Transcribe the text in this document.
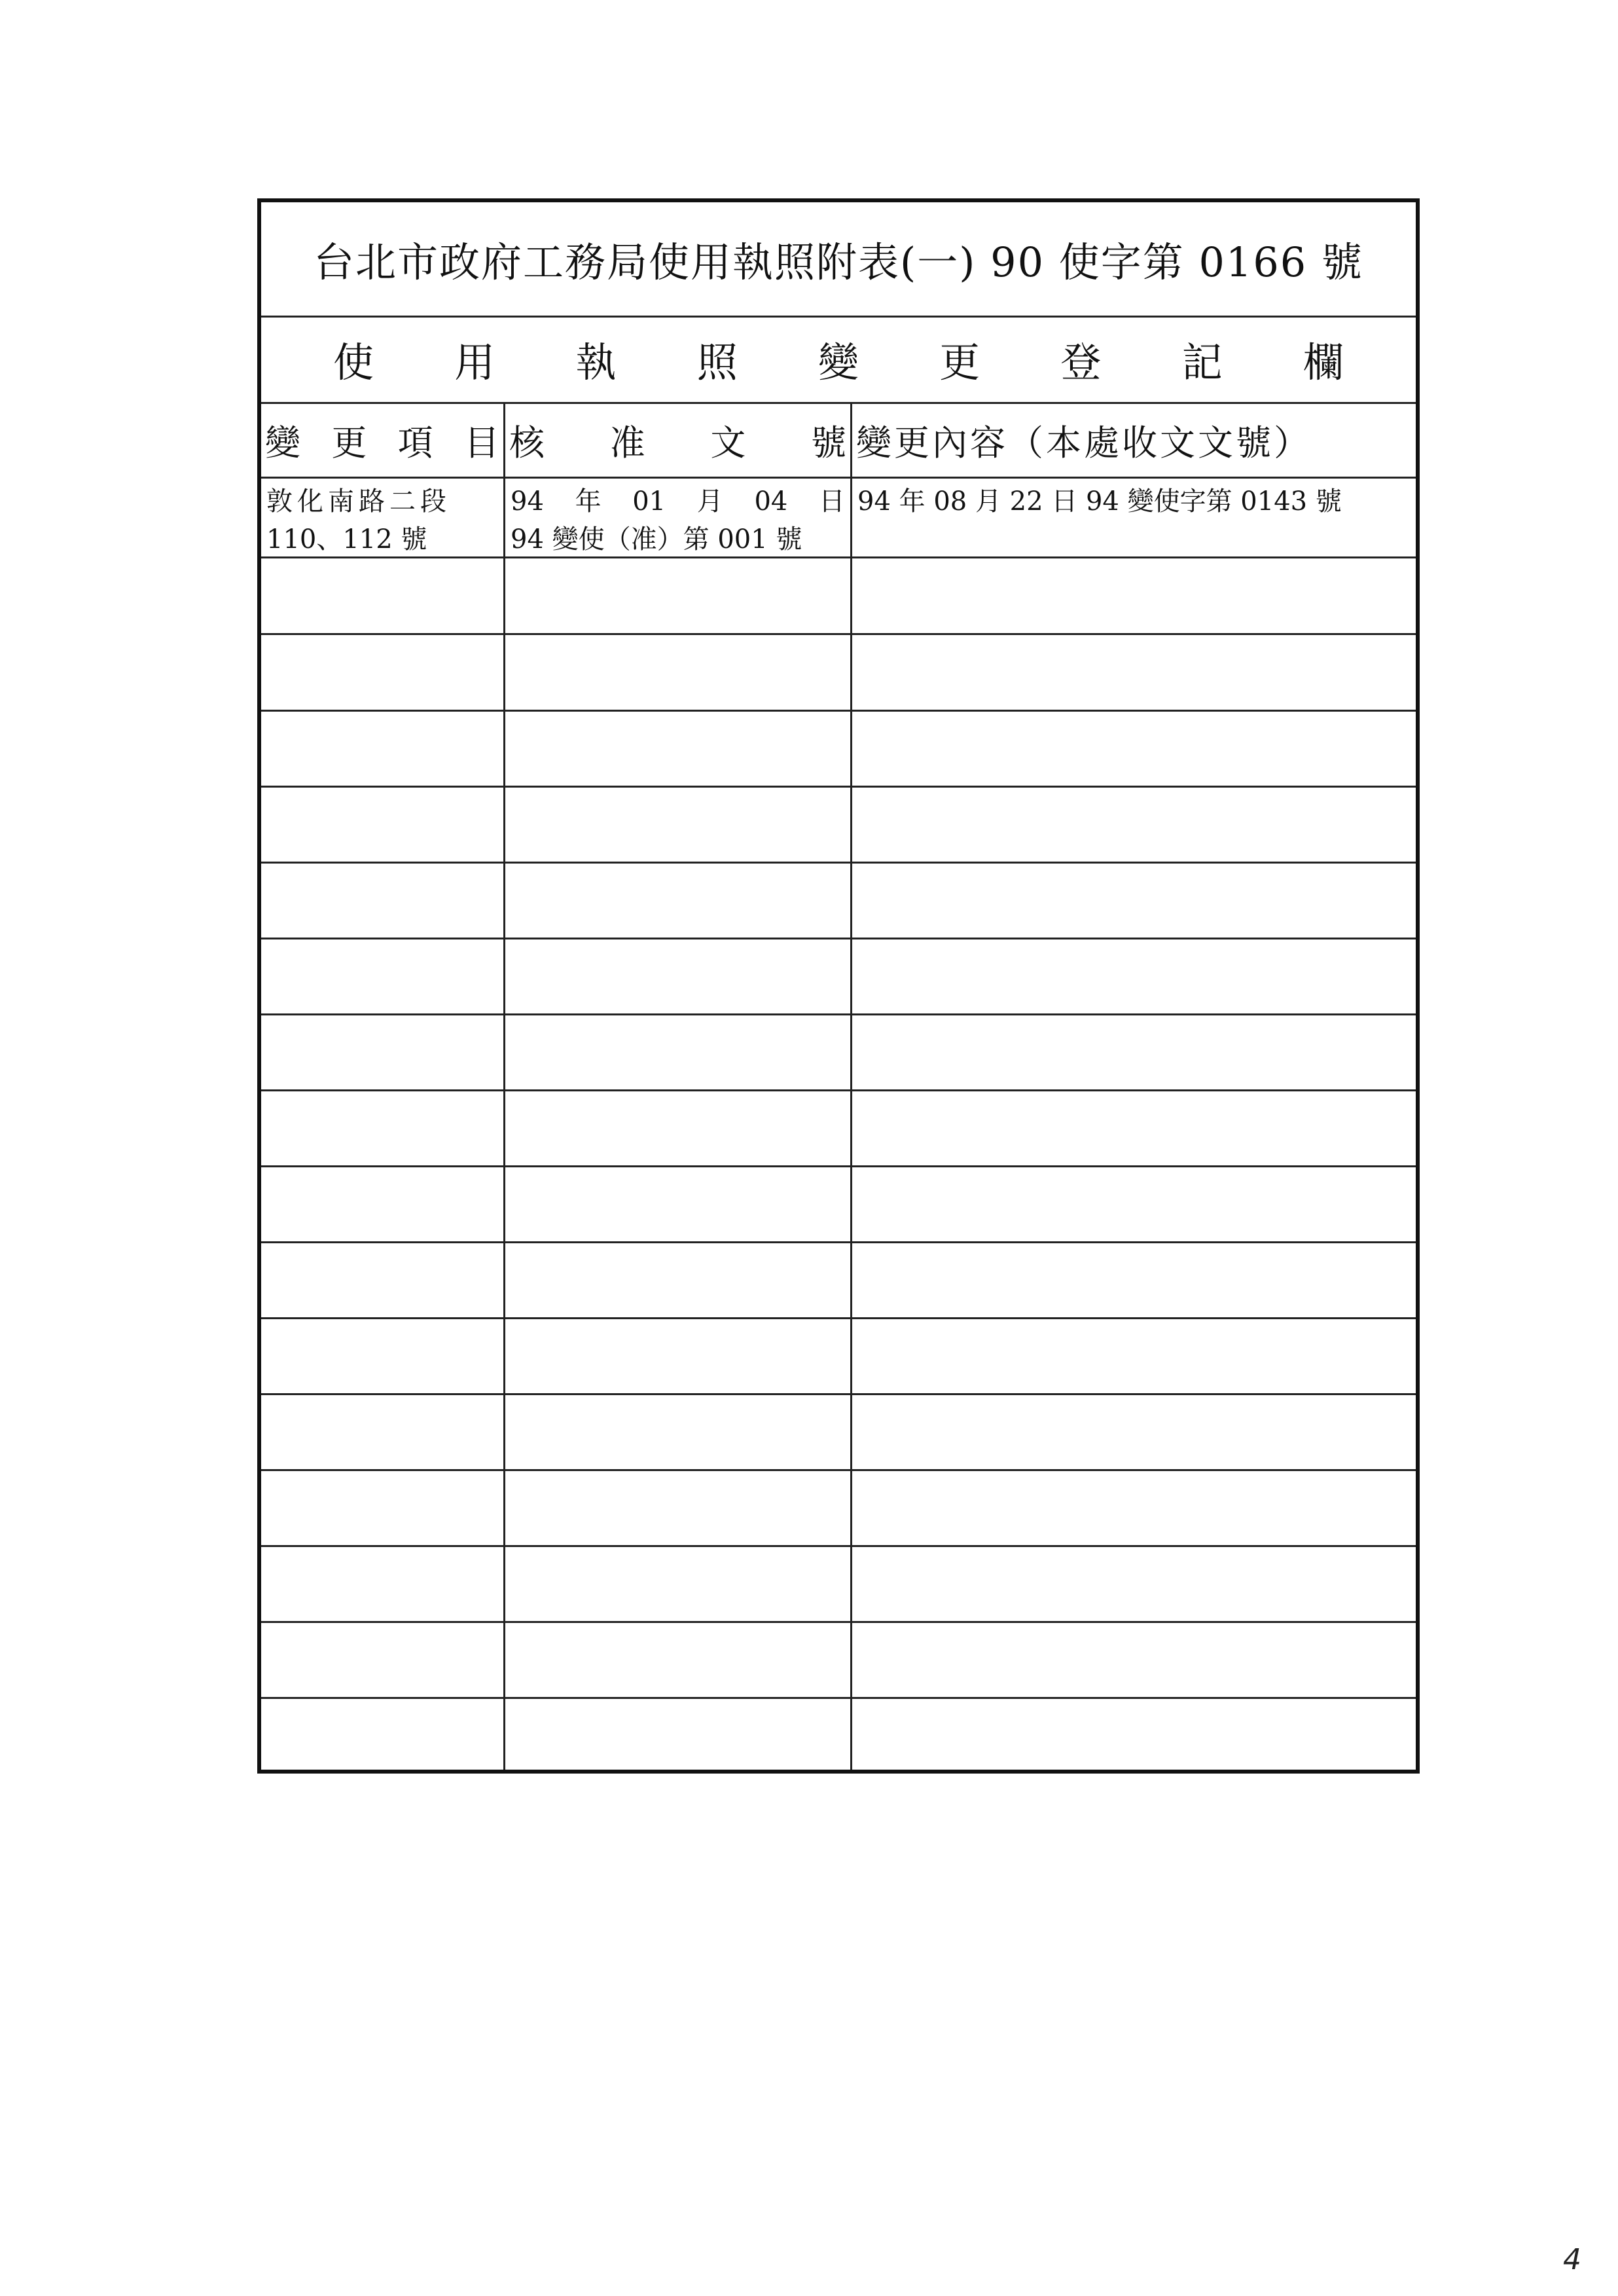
台北市政府工務局使用執照附表(一) 90 使字第 0166 號
使 用 執 照 變 更 登 記 欄
變 更 項 目 核 准 文 號 變更內容（本處收文文號）
敦化南路二段
110、112 號
94 年 01 月 04 日
94 變使（准）第 001 號
94 年 08 月 22 日 94 變使字第 0143 號
4
